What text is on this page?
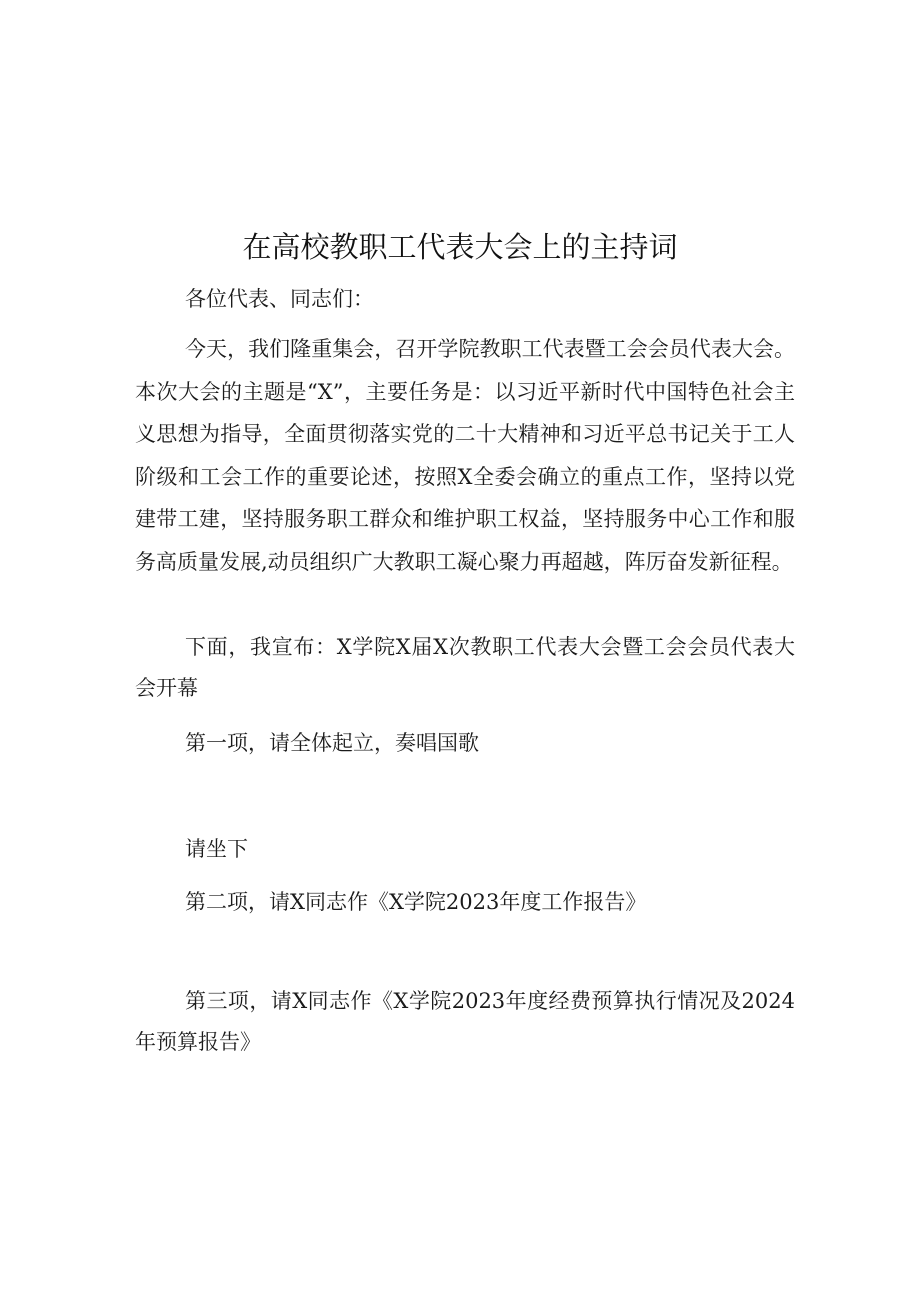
在高校教职工代表大会上的主持词

各位代表、同志们：

今天，我们隆重集会，召开学院教职工代表暨工会会员代表大会。本次大会的主题是“X”，主要任务是：以习近平新时代中国特色社会主义思想为指导，全面贯彻落实党的二十大精神和习近平总书记关于工人阶级和工会工作的重要论述，按照X全委会确立的重点工作，坚持以党建带工建，坚持服务职工群众和维护职工权益，坚持服务中心工作和服务高质量发展,动员组织广大教职工凝心聚力再超越，阵厉奋发新征程。

下面，我宣布：X学院X届X次教职工代表大会暨工会会员代表大会开幕

第一项，请全体起立，奏唱国歌

请坐下

第二项，请X同志作《X学院2023年度工作报告》

第三项，请X同志作《X学院2023年度经费预算执行情况及2024年预算报告》
